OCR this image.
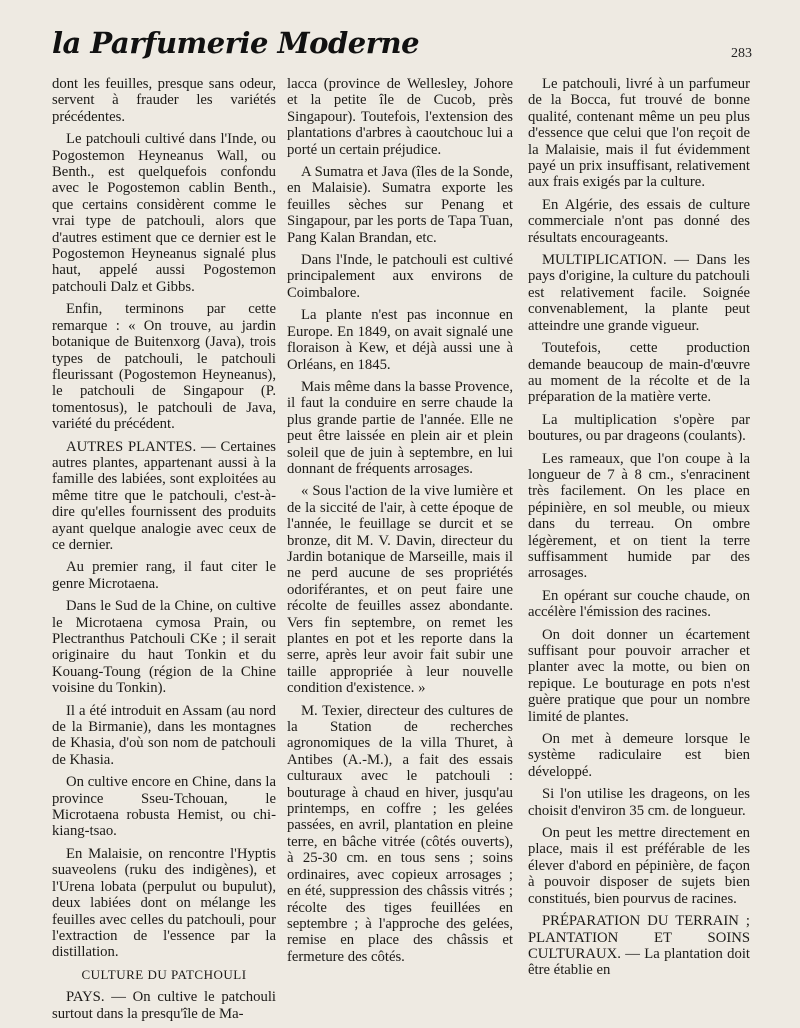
la Parfumerie Moderne	283

dont les feuilles, presque sans odeur, servent à frauder les variétés précédentes.

Le patchouli cultivé dans l'Inde, ou Pogostemon Heyneanus Wall, ou Benth., est quelquefois confondu avec le Pogostemon cablin Benth., que certains considèrent comme le vrai type de patchouli, alors que d'autres estiment que ce dernier est le Pogostemon Heyneanus signalé plus haut, appelé aussi Pogostemon patchouli Dalz et Gibbs.

Enfin, terminons par cette remarque : « On trouve, au jardin botanique de Buitenxorg (Java), trois types de patchouli, le patchouli fleurissant (Pogostemon Heyneanus), le patchouli de Singapour (P. tomentosus), le patchouli de Java, variété du précédent.

AUTRES PLANTES. — Certaines autres plantes, appartenant aussi à la famille des labiées, sont exploitées au même titre que le patchouli, c'est-à-dire qu'elles fournissent des produits ayant quelque analogie avec ceux de ce dernier.

Au premier rang, il faut citer le genre Microtaena.

Dans le Sud de la Chine, on cultive le Microtaena cymosa Prain, ou Plectranthus Patchouli CKe ; il serait originaire du haut Tonkin et du Kouang-Toung (région de la Chine voisine du Tonkin).

Il a été introduit en Assam (au nord de la Birmanie), dans les montagnes de Khasia, d'où son nom de patchouli de Khasia.

On cultive encore en Chine, dans la province Sseu-Tchouan, le Microtaena robusta Hemist, ou chi-kiang-tsao.

En Malaisie, on rencontre l'Hyptis suaveolens (ruku des indigènes), et l'Urena lobata (perpulut ou bupulut), deux labiées dont on mélange les feuilles avec celles du patchouli, pour l'extraction de l'essence par la distillation.

CULTURE DU PATCHOULI

PAYS. — On cultive le patchouli surtout dans la presqu'île de Ma-

lacca (province de Wellesley, Johore et la petite île de Cucob, près Singapour). Toutefois, l'extension des plantations d'arbres à caoutchouc lui a porté un certain préjudice.

A Sumatra et Java (îles de la Sonde, en Malaisie). Sumatra exporte les feuilles sèches sur Penang et Singapour, par les ports de Tapa Tuan, Pang Kalan Brandan, etc.

Dans l'Inde, le patchouli est cultivé principalement aux environs de Coimbalore.

La plante n'est pas inconnue en Europe. En 1849, on avait signalé une floraison à Kew, et déjà aussi une à Orléans, en 1845.

Mais même dans la basse Provence, il faut la conduire en serre chaude la plus grande partie de l'année. Elle ne peut être laissée en plein air et plein soleil que de juin à septembre, en lui donnant de fréquents arrosages.

« Sous l'action de la vive lumière et de la siccité de l'air, à cette époque de l'année, le feuillage se durcit et se bronze, dit M. V. Davin, directeur du Jardin botanique de Marseille, mais il ne perd aucune de ses propriétés odoriférantes, et on peut faire une récolte de feuilles assez abondante. Vers fin septembre, on remet les plantes en pot et les reporte dans la serre, après leur avoir fait subir une taille appropriée à leur nouvelle condition d'existence. »

M. Texier, directeur des cultures de la Station de recherches agronomiques de la villa Thuret, à Antibes (A.-M.), a fait des essais culturaux avec le patchouli : bouturage à chaud en hiver, jusqu'au printemps, en coffre ; les gelées passées, en avril, plantation en pleine terre, en bâche vitrée (côtés ouverts), à 25-30 cm. en tous sens ; soins ordinaires, avec copieux arrosages ; en été, suppression des châssis vitrés ; récolte des tiges feuillées en septembre ; à l'approche des gelées, remise en place des châssis et fermeture des côtés.

Le patchouli, livré à un parfumeur de la Bocca, fut trouvé de bonne qualité, contenant même un peu plus d'essence que celui que l'on reçoit de la Malaisie, mais il fut évidemment payé un prix insuffisant, relativement aux frais exigés par la culture.

En Algérie, des essais de culture commerciale n'ont pas donné des résultats encourageants.

MULTIPLICATION. — Dans les pays d'origine, la culture du patchouli est relativement facile. Soignée convenablement, la plante peut atteindre une grande vigueur.

Toutefois, cette production demande beaucoup de main-d'œuvre au moment de la récolte et de la préparation de la matière verte.

La multiplication s'opère par boutures, ou par drageons (coulants).

Les rameaux, que l'on coupe à la longueur de 7 à 8 cm., s'enracinent très facilement. On les place en pépinière, en sol meuble, ou mieux dans du terreau. On ombre légèrement, et on tient la terre suffisamment humide par des arrosages.

En opérant sur couche chaude, on accélère l'émission des racines.

On doit donner un écartement suffisant pour pouvoir arracher et planter avec la motte, ou bien on repique. Le bouturage en pots n'est guère pratique que pour un nombre limité de plantes.

On met à demeure lorsque le système radiculaire est bien développé.

Si l'on utilise les drageons, on les choisit d'environ 35 cm. de longueur.

On peut les mettre directement en place, mais il est préférable de les élever d'abord en pépinière, de façon à pouvoir disposer de sujets bien constitués, bien pourvus de racines.

PRÉPARATION DU TERRAIN ; PLANTATION ET SOINS CULTURAUX. — La plantation doit être établie en
